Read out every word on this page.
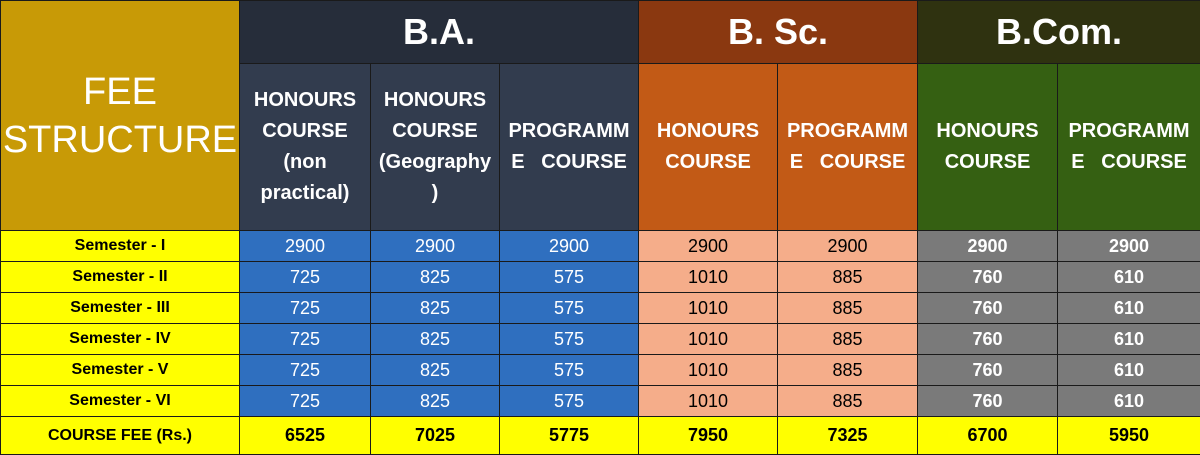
FEE
STRUCTURE	B.A.			B. Sc.		B.Com.	

	HONOURS
COURSE
(non
practical)	HONOURS
COURSE
(Geography
)	PROGRAMM
E   COURSE	HONOURS
COURSE	PROGRAMM
E   COURSE	HONOURS
COURSE	PROGRAMM
E   COURSE

Semester - I	2900	2900	2900	2900	2900	2900	2900
Semester - II	725	825	575	1010	885	760	610
Semester - III	725	825	575	1010	885	760	610
Semester - IV	725	825	575	1010	885	760	610
Semester - V	725	825	575	1010	885	760	610
Semester - VI	725	825	575	1010	885	760	610
COURSE FEE (Rs.)	6525	7025	5775	7950	7325	6700	5950
